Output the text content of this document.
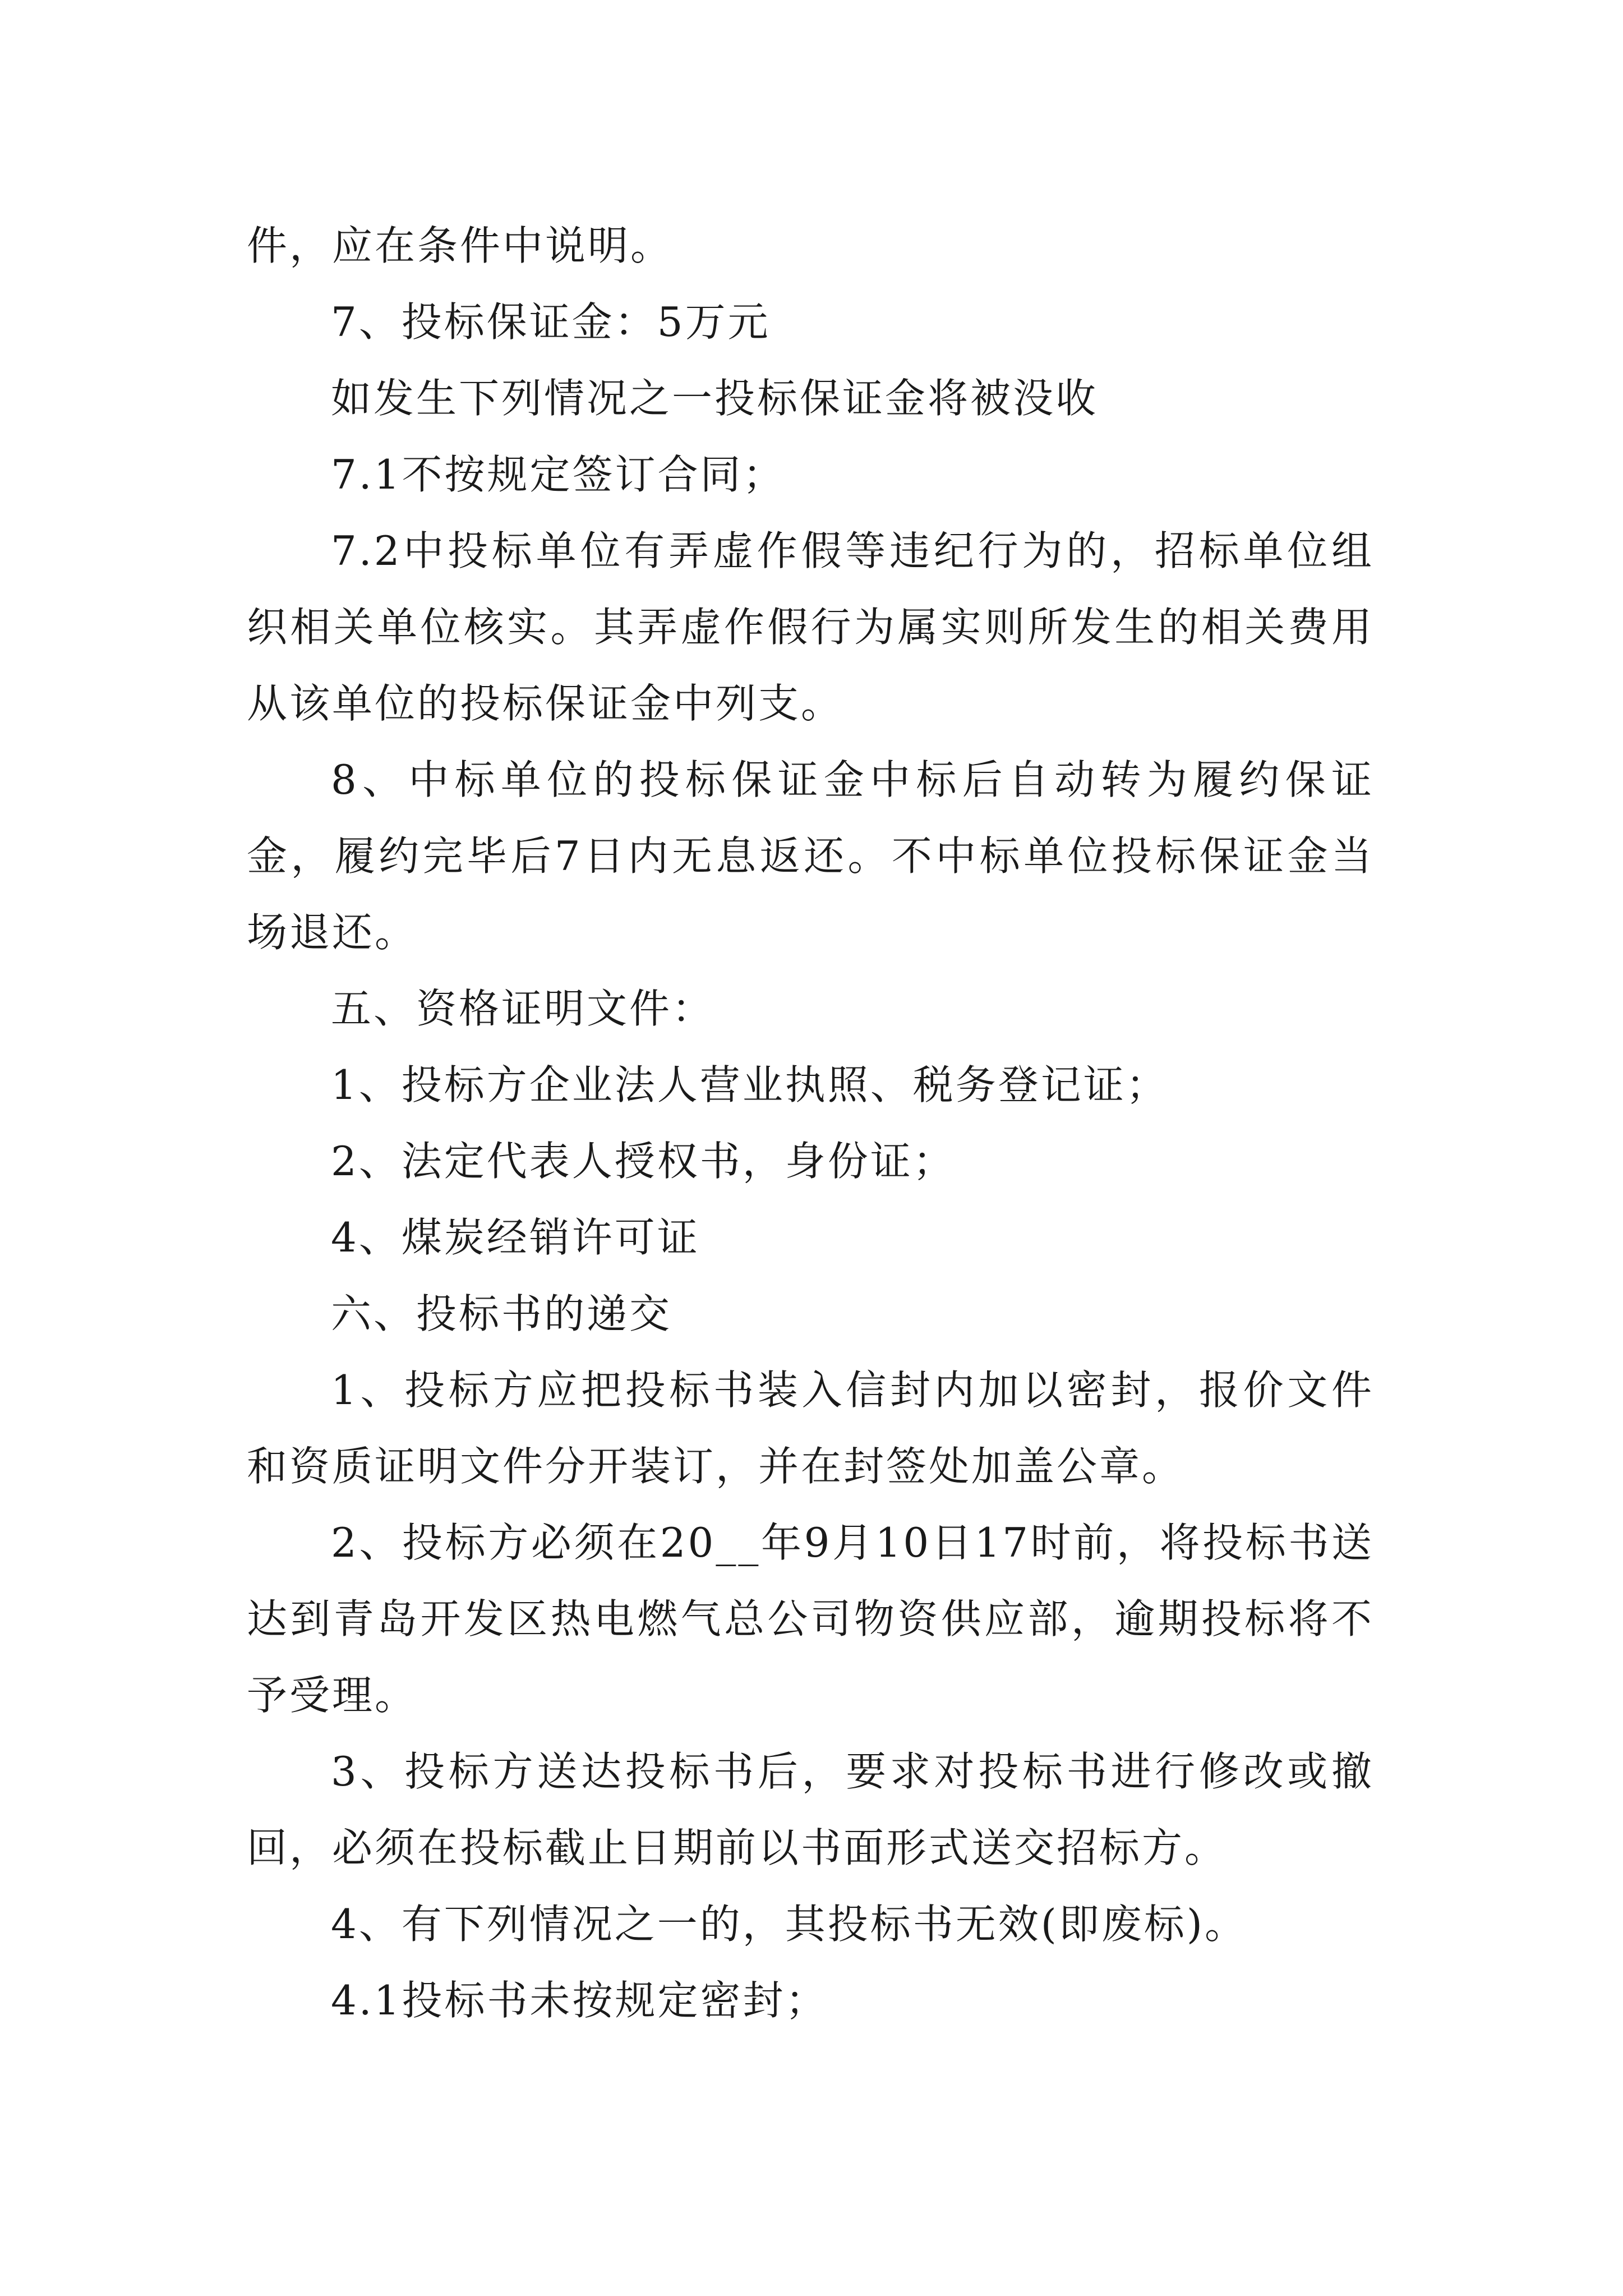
件，应在条件中说明。

7、投标保证金：5万元

如发生下列情况之一投标保证金将被没收

7.1不按规定签订合同；

7.2中投标单位有弄虚作假等违纪行为的，招标单位组织相关单位核实。其弄虚作假行为属实则所发生的相关费用从该单位的投标保证金中列支。

8、中标单位的投标保证金中标后自动转为履约保证金，履约完毕后7日内无息返还。不中标单位投标保证金当场退还。

五、资格证明文件：

1、投标方企业法人营业执照、税务登记证；

2、法定代表人授权书，身份证；

4、煤炭经销许可证

六、投标书的递交

1、投标方应把投标书装入信封内加以密封，报价文件和资质证明文件分开装订，并在封签处加盖公章。

2、投标方必须在20__年9月10日17时前，将投标书送达到青岛开发区热电燃气总公司物资供应部，逾期投标将不予受理。

3、投标方送达投标书后，要求对投标书进行修改或撤回，必须在投标截止日期前以书面形式送交招标方。

4、有下列情况之一的，其投标书无效(即废标)。

4.1投标书未按规定密封；
